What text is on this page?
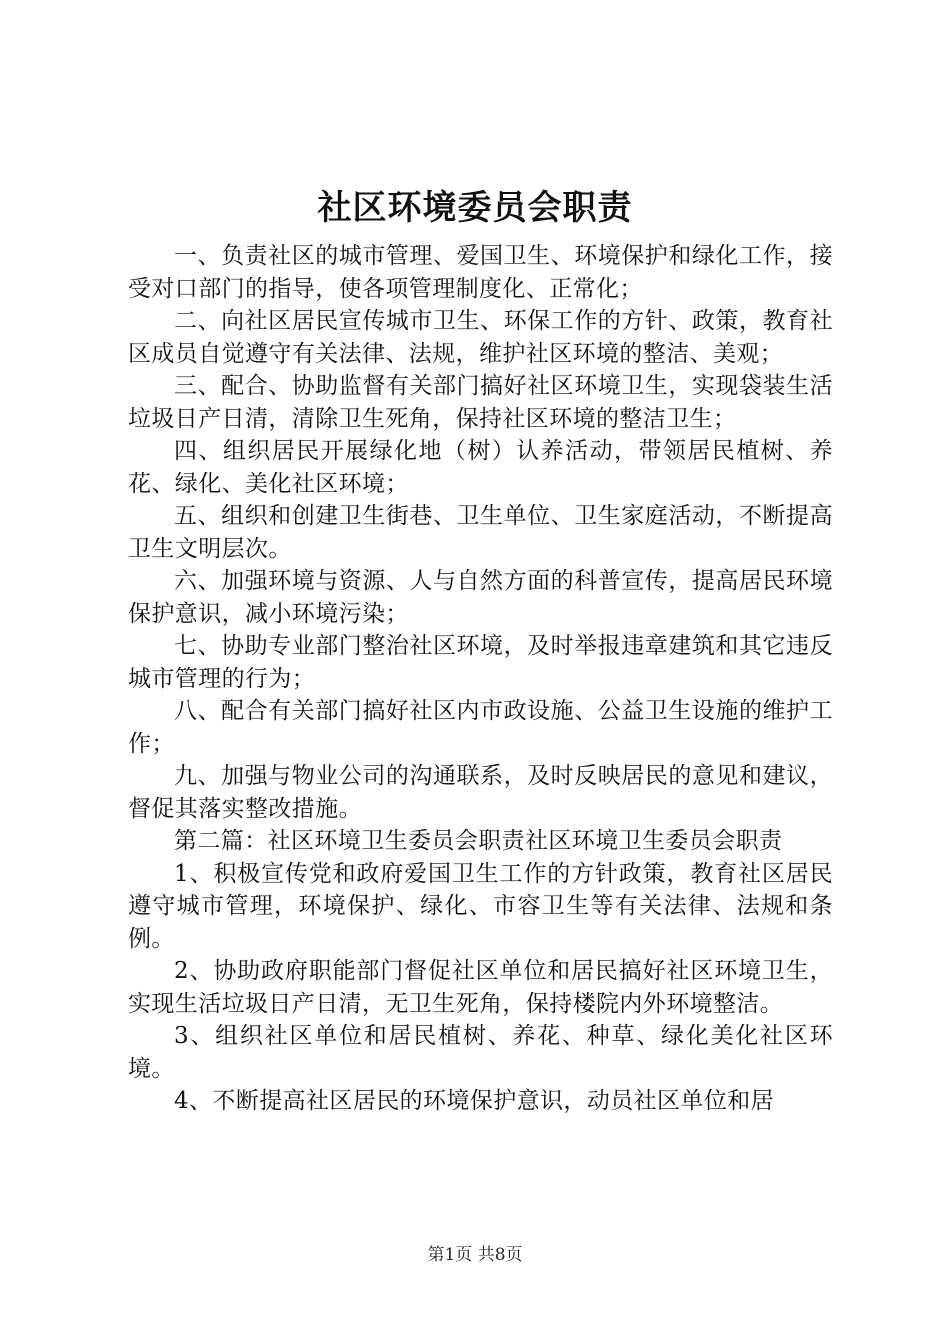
社区环境委员会职责

一、负责社区的城市管理、爱国卫生、环境保护和绿化工作，接受对口部门的指导，使各项管理制度化、正常化；

二、向社区居民宣传城市卫生、环保工作的方针、政策，教育社区成员自觉遵守有关法律、法规，维护社区环境的整洁、美观；

三、配合、协助监督有关部门搞好社区环境卫生，实现袋装生活垃圾日产日清，清除卫生死角，保持社区环境的整洁卫生；

四、组织居民开展绿化地（树）认养活动，带领居民植树、养花、绿化、美化社区环境；

五、组织和创建卫生街巷、卫生单位、卫生家庭活动，不断提高卫生文明层次。

六、加强环境与资源、人与自然方面的科普宣传，提高居民环境保护意识，减小环境污染；

七、协助专业部门整治社区环境，及时举报违章建筑和其它违反城市管理的行为；

八、配合有关部门搞好社区内市政设施、公益卫生设施的维护工作；

九、加强与物业公司的沟通联系，及时反映居民的意见和建议，督促其落实整改措施。

第二篇：社区环境卫生委员会职责社区环境卫生委员会职责

1、积极宣传党和政府爱国卫生工作的方针政策，教育社区居民遵守城市管理，环境保护、绿化、市容卫生等有关法律、法规和条例。

2、协助政府职能部门督促社区单位和居民搞好社区环境卫生，实现生活垃圾日产日清，无卫生死角，保持楼院内外环境整洁。

3、组织社区单位和居民植树、养花、种草、绿化美化社区环境。

4、不断提高社区居民的环境保护意识，动员社区单位和居

第1页 共8页
